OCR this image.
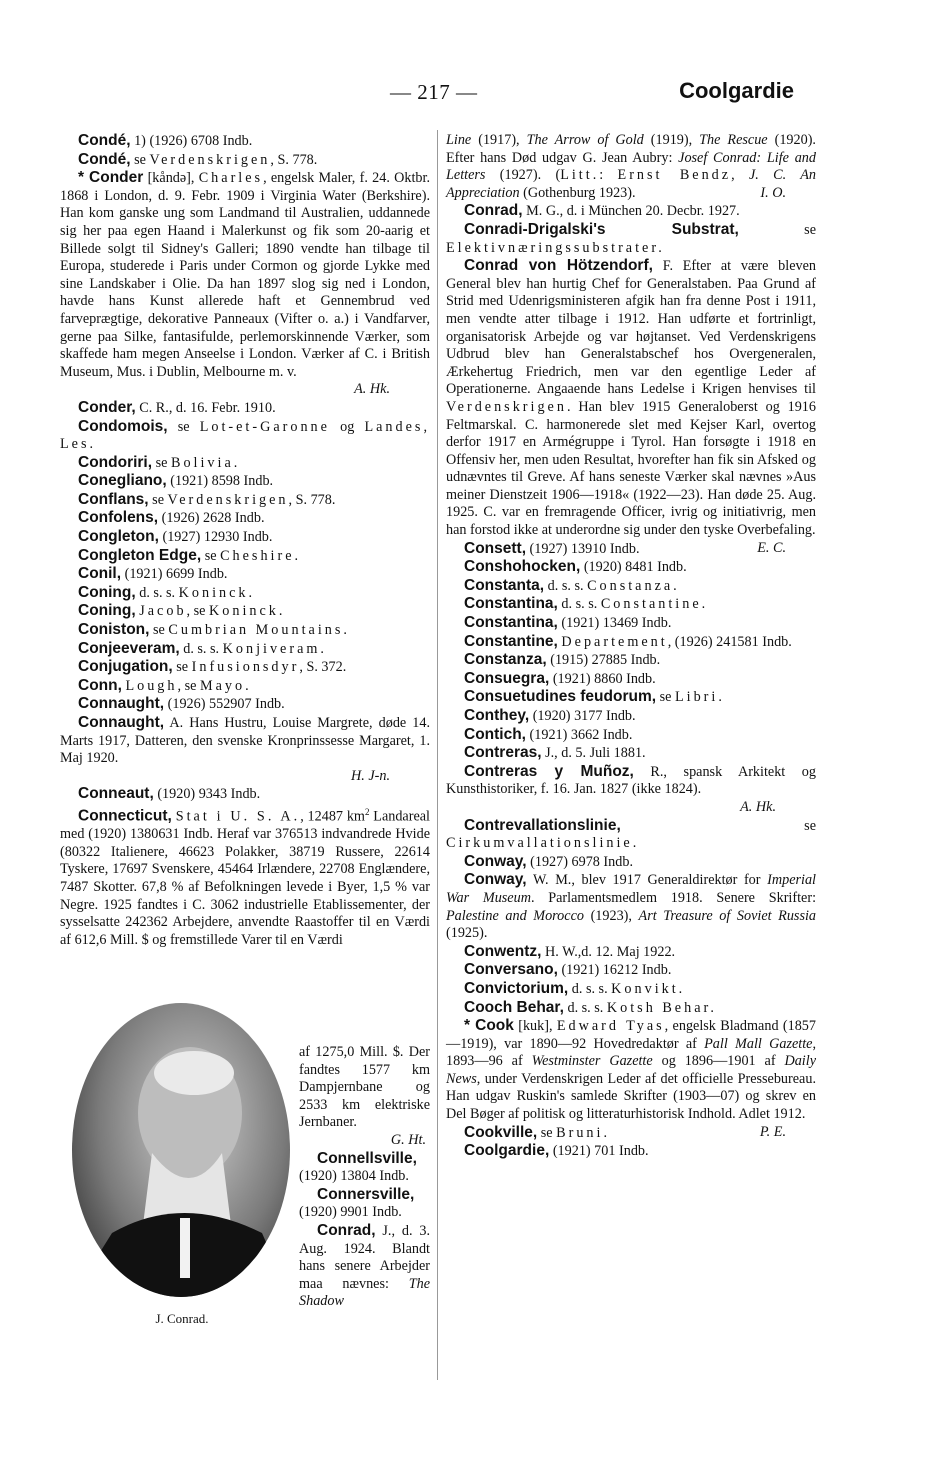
— 217 —	Coolgardie

Condé, 1) (1926) 6708 Indb.

Condé, se Verdenskrigen, S. 778.

* Conder [kåndə], Charles, engelsk Maler, f. 24. Oktbr. 1868 i London, d. 9. Febr. 1909 i Virginia Water (Berkshire). Han kom ganske ung som Landmand til Australien, uddannede sig her paa egen Haand i Malerkunst og fik som 20-aarig et Billede solgt til Sidney's Galleri; 1890 vendte han tilbage til Europa, studerede i Paris under Cormon og gjorde Lykke med sine Landskaber i Olie. Da han 1897 slog sig ned i London, havde hans Kunst allerede haft et Gennembrud ved farveprægtige, dekorative Panneaux (Vifter o. a.) i Vandfarver, gerne paa Silke, fantasifulde, perlemorskinnende Værker, som skaffede ham megen Anseelse i London. Værker af C. i British Museum, Mus. i Dublin, Melbourne m. v.
A. Hk.

Conder, C. R., d. 16. Febr. 1910.

Condomois, se Lot-et-Garonne og Landes, Les.

Condoriri, se Bolivia.

Conegliano, (1921) 8598 Indb.

Conflans, se Verdenskrigen, S. 778.

Confolens, (1926) 2628 Indb.

Congleton, (1927) 12930 Indb.

Congleton Edge, se Cheshire.

Conil, (1921) 6699 Indb.

Coning, d. s. s. Koninck.

Coning, Jacob, se Koninck.

Coniston, se Cumbrian Mountains.

Conjeeveram, d. s. s. Konjiveram.

Conjugation, se Infusionsdyr, S. 372.

Conn, Lough, se Mayo.

Connaught, (1926) 552907 Indb.

Connaught, A. Hans Hustru, Louise Margrete, døde 14. Marts 1917, Datteren, den svenske Kronprinssesse Margaret, 1. Maj 1920.
H. J-n.

Conneaut, (1920) 9343 Indb.

Connecticut, Stat i U. S. A., 12487 $km^2$ Landareal med (1920) 1380631 Indb. Heraf var 376513 indvandrede Hvide (80322 Italienere, 46623 Polakker, 38719 Russere, 22614 Tyskere, 17697 Svenskere, 45464 Irlændere, 22708 Englændere, 7487 Skotter. 67,8 % af Befolkningen levede i Byer, 1,5 % var Negre. 1925 fandtes i C. 3062 industrielle Etablissementer, der sysselsatte 242362 Arbejdere, anvendte Raastoffer til en Værdi af 612,6 Mill. $ og fremstillede Varer til en Værdi

J. Conrad.
af 1275,0 Mill. $. Der fandtes 1577 km Dampjernbane og 2533 km elektriske Jernbaner.
G. Ht.

Connellsville, (1920) 13804 Indb.

Connersville, (1920) 9901 Indb.

Conrad, J., d. 3. Aug. 1924. Blandt hans senere Arbejder maa nævnes: The Shadow

Line (1917), The Arrow of Gold (1919), The Rescue (1920). Efter hans Død udgav G. Jean Aubry: Josef Conrad: Life and Letters (1927). (Litt.: Ernst Bendz, J. C. An Appreciation (Gothenburg 1923).	I. O.

Conrad, M. G., d. i München 20. Decbr. 1927.

Conradi-Drigalski's Substrat, se Elektivnæringssubstrater.

Conrad von Hötzendorf, F. Efter at være bleven General blev han hurtig Chef for Generalstaben. Paa Grund af Strid med Udenrigsministeren afgik han fra denne Post i 1911, men vendte atter tilbage i 1912. Han udførte et fortrinligt, organisatorisk Arbejde og var højtanset. Ved Verdenskrigens Udbrud blev han Generalstabschef hos Overgeneralen, Ærkehertug Friedrich, men var den egentlige Leder af Operationerne. Angaaende hans Ledelse i Krigen henvises til Verdenskrigen. Han blev 1915 Generaloberst og 1916 Feltmarskal. C. harmonerede slet med Kejser Karl, overtog derfor 1917 en Armégruppe i Tyrol. Han forsøgte i 1918 en Offensiv her, men uden Resultat, hvorefter han fik sin Afsked og udnævntes til Greve. Af hans seneste Værker skal nævnes »Aus meiner Dienstzeit 1906—1918« (1922—23). Han døde 25. Aug. 1925. C. var en fremragende Officer, ivrig og initiativrig, men han forstod ikke at underordne sig under den tyske Overbefaling.
E. C.

Consett, (1927) 13910 Indb.

Conshohocken, (1920) 8481 Indb.

Constanta, d. s. s. Constanza.

Constantina, d. s. s. Constantine.

Constantina, (1921) 13469 Indb.

Constantine, Departement, (1926) 241581 Indb.

Constanza, (1915) 27885 Indb.

Consuegra, (1921) 8860 Indb.

Consuetudines feudorum, se Libri.

Conthey, (1920) 3177 Indb.

Contich, (1921) 3662 Indb.

Contreras, J., d. 5. Juli 1881.

Contreras y Muñoz, R., spansk Arkitekt og Kunsthistoriker, f. 16. Jan. 1827 (ikke 1824).
A. Hk.

Contrevallationslinie, se Cirkumvallationslinie.

Conway, (1927) 6978 Indb.

Conway, W. M., blev 1917 Generaldirektør for Imperial War Museum. Parlamentsmedlem 1918. Senere Skrifter: Palestine and Morocco (1923), Art Treasure of Soviet Russia (1925).

Conwentz, H. W.,d. 12. Maj 1922.

Conversano, (1921) 16212 Indb.

Convictorium, d. s. s. Konvikt.

Cooch Behar, d. s. s. Kotsh Behar.

* Cook [kuk], Edward Tyas, engelsk Bladmand (1857—1919), var 1890—92 Hovedredaktør af Pall Mall Gazette, 1893—96 af Westminster Gazette og 1896—1901 af Daily News, under Verdenskrigen Leder af det officielle Pressebureau. Han udgav Ruskin's samlede Skrifter (1903—07) og skrev en Del Bøger af politisk og litteraturhistorisk Indhold. Adlet 1912.
P. E.

Cookville, se Bruni.

Coolgardie, (1921) 701 Indb.
